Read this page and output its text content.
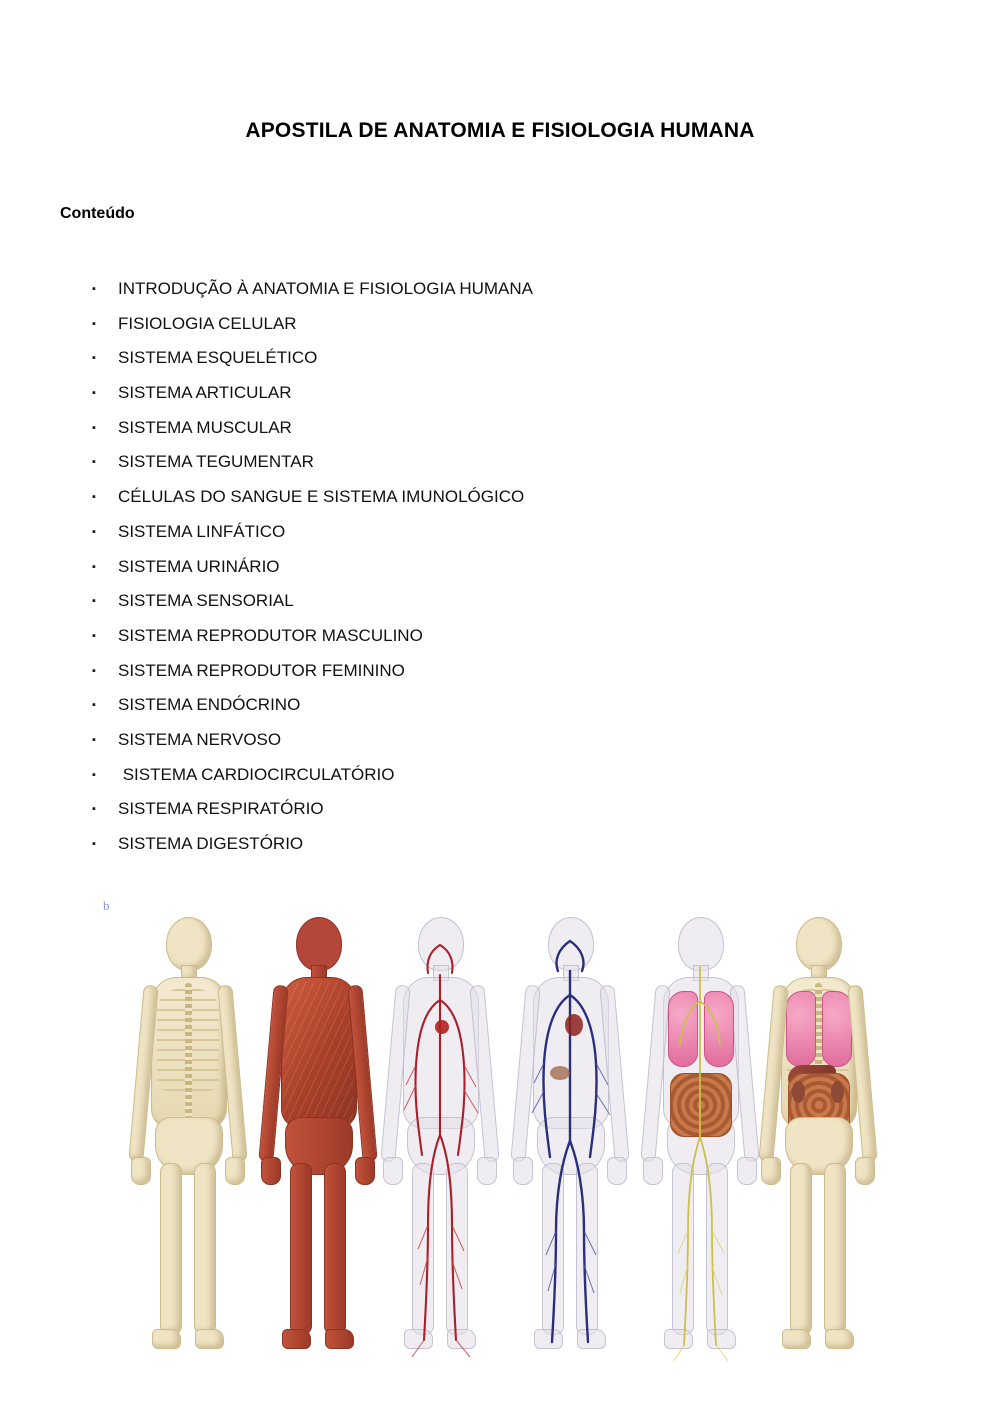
APOSTILA DE ANATOMIA E FISIOLOGIA HUMANA
Conteúdo
▪ INTRODUÇÃO À ANATOMIA E FISIOLOGIA HUMANA
▪ FISIOLOGIA CELULAR
▪ SISTEMA ESQUELÉTICO
▪ SISTEMA ARTICULAR
▪ SISTEMA MUSCULAR
▪ SISTEMA TEGUMENTAR
▪ CÉLULAS DO SANGUE E SISTEMA IMUNOLÓGICO
▪ SISTEMA LINFÁTICO
▪ SISTEMA URINÁRIO
▪ SISTEMA SENSORIAL
▪ SISTEMA REPRODUTOR MASCULINO
▪ SISTEMA REPRODUTOR FEMININO
▪ SISTEMA ENDÓCRINO
▪ SISTEMA NERVOSO
▪ SISTEMA CARDIOCIRCULATÓRIO
▪ SISTEMA RESPIRATÓRIO
▪ SISTEMA DIGESTÓRIO
b
